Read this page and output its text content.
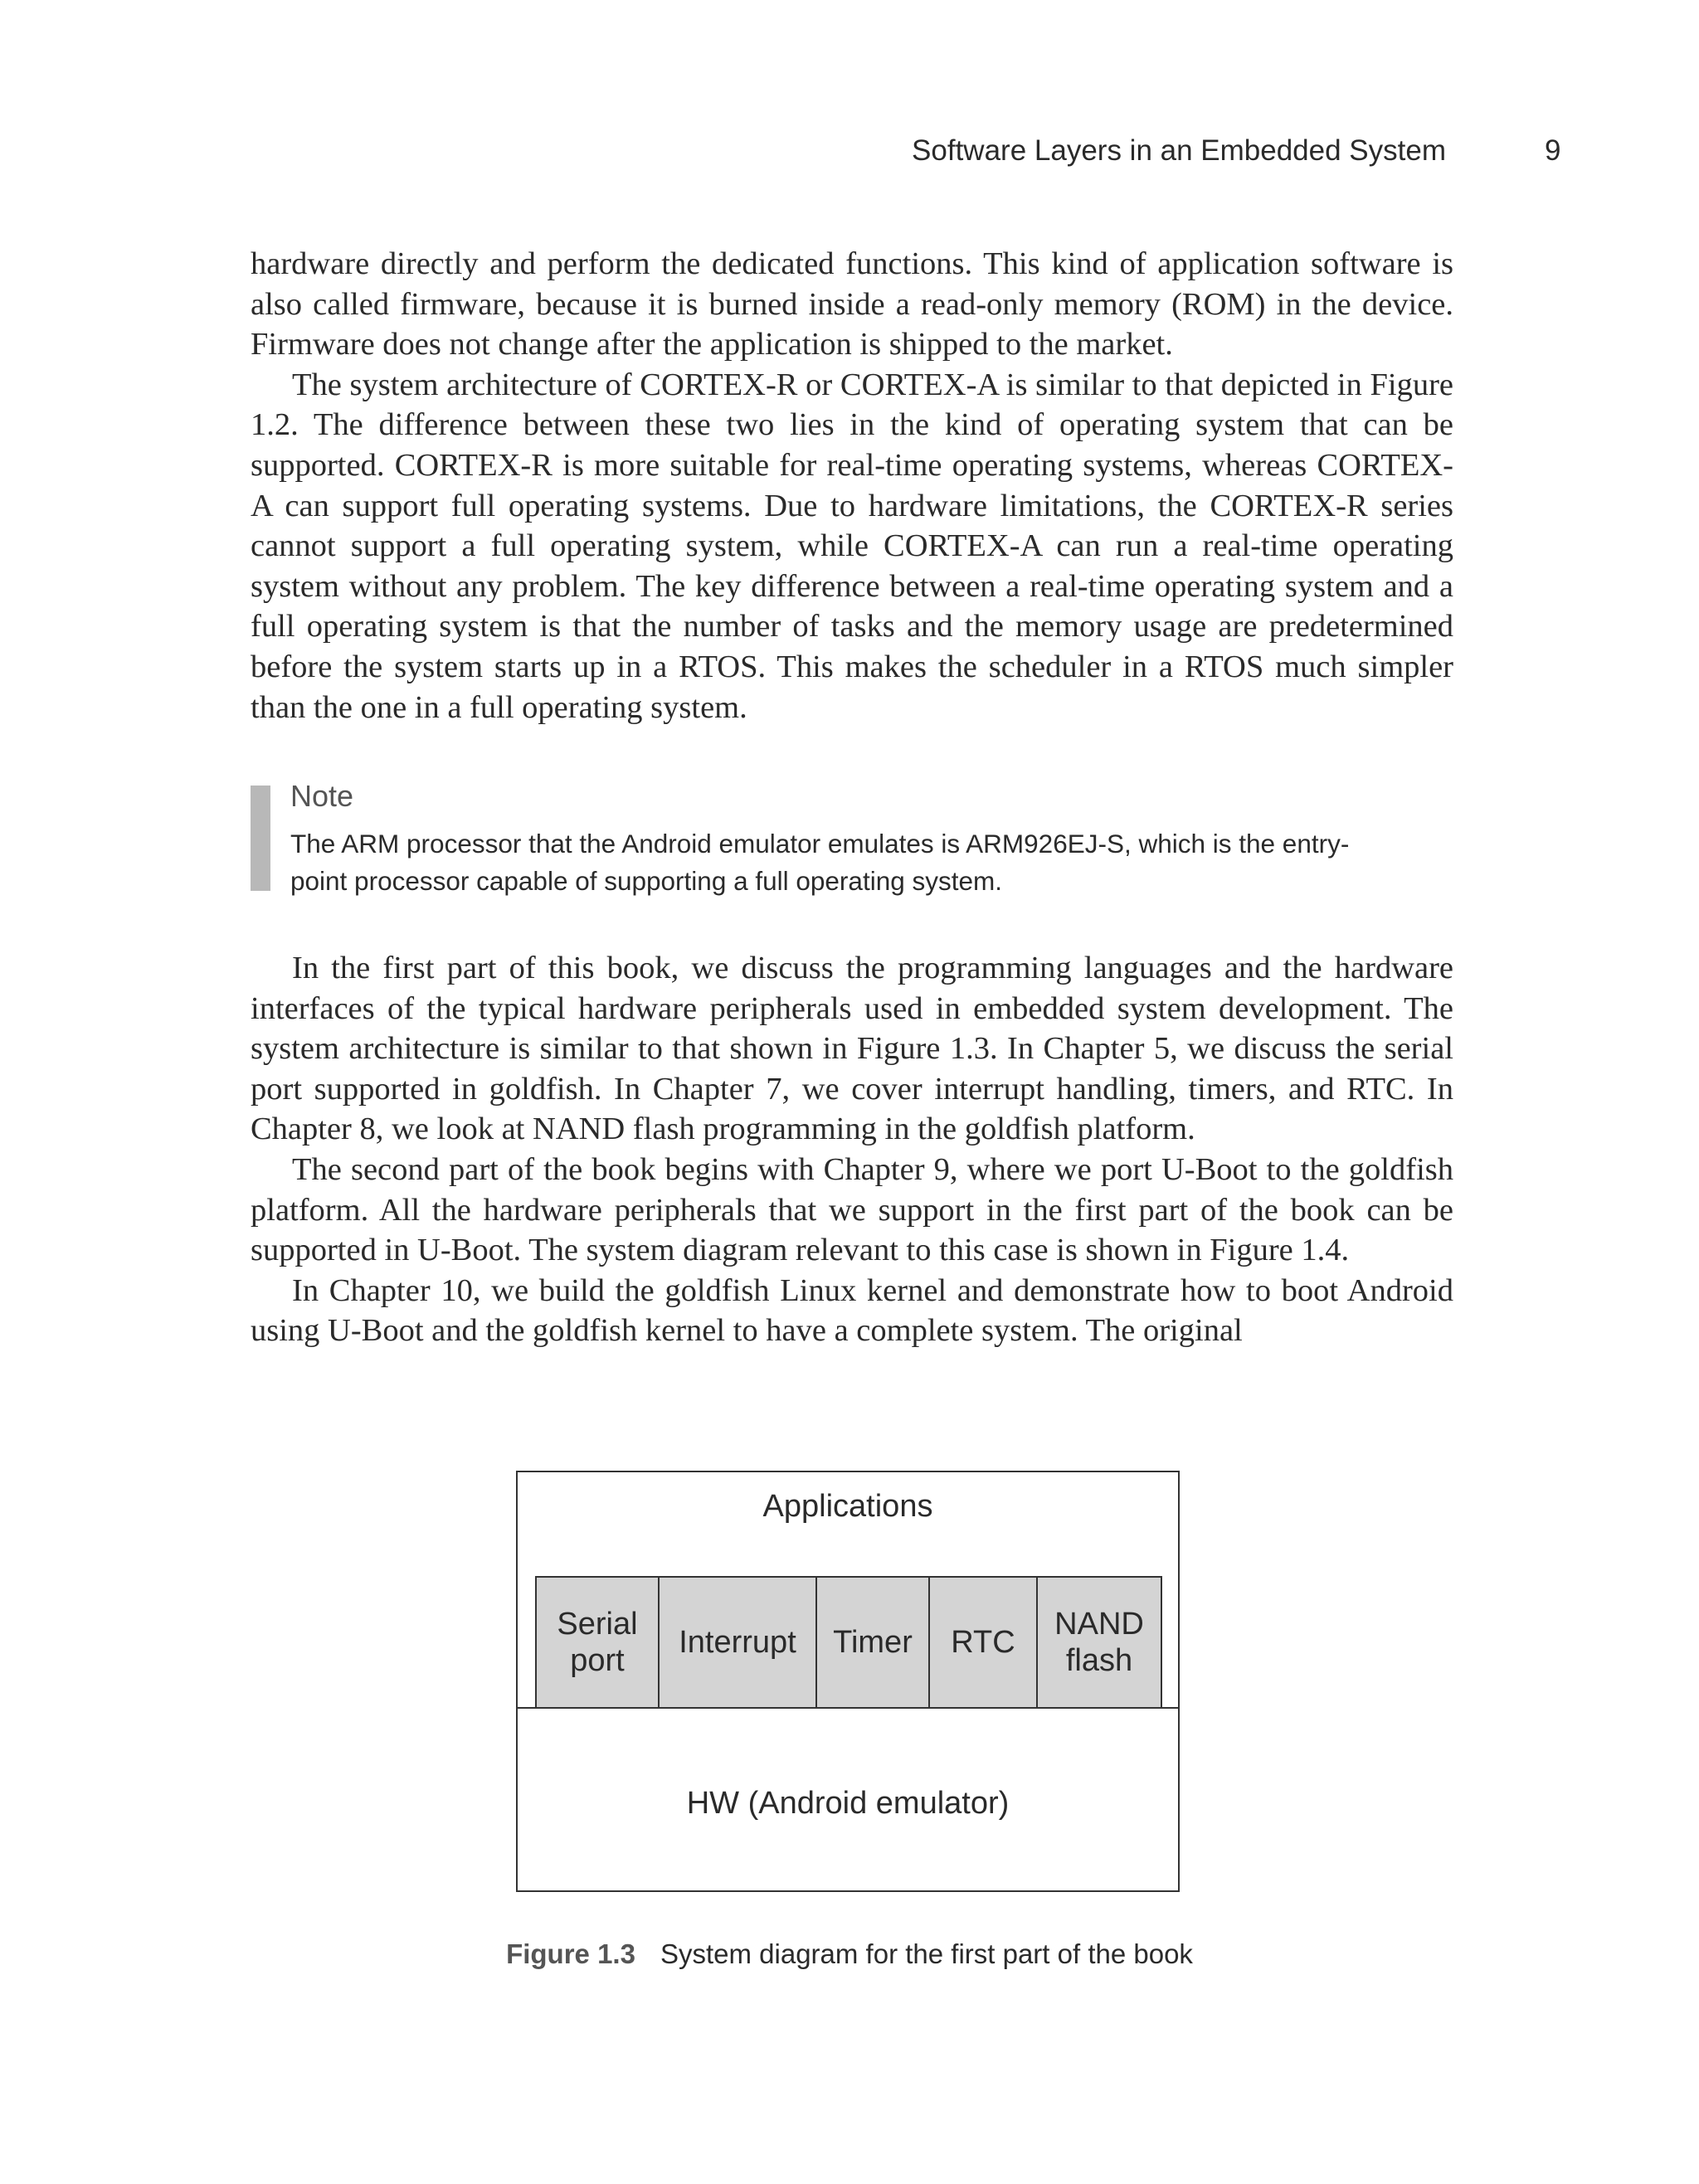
Software Layers in an Embedded System	9

hardware directly and perform the dedicated functions. This kind of application software is also called firmware, because it is burned inside a read-only memory (ROM) in the device. Firmware does not change after the application is shipped to the market.

The system architecture of CORTEX-R or CORTEX-A is similar to that depicted in Figure 1.2. The difference between these two lies in the kind of operating system that can be supported. CORTEX-R is more suitable for real-time operating systems, whereas CORTEX-A can support full operating systems. Due to hardware limitations, the CORTEX-R series cannot support a full operating system, while CORTEX-A can run a real-time operating system without any problem. The key difference between a real-time operating system and a full operating system is that the number of tasks and the memory usage are predetermined before the system starts up in a RTOS. This makes the scheduler in a RTOS much simpler than the one in a full operating system.

Note
The ARM processor that the Android emulator emulates is ARM926EJ-S, which is the entry-point processor capable of supporting a full operating system.

In the first part of this book, we discuss the programming languages and the hardware interfaces of the typical hardware peripherals used in embedded system development. The system architecture is similar to that shown in Figure 1.3. In Chapter 5, we discuss the serial port supported in goldfish. In Chapter 7, we cover interrupt handling, timers, and RTC. In Chapter 8, we look at NAND flash programming in the goldfish platform.

The second part of the book begins with Chapter 9, where we port U-Boot to the goldfish platform. All the hardware peripherals that we support in the first part of the book can be supported in U-Boot. The system diagram relevant to this case is shown in Figure 1.4.

In Chapter 10, we build the goldfish Linux kernel and demonstrate how to boot Android using U-Boot and the goldfish kernel to have a complete system. The original

Applications
Serial
port
Interrupt	Timer	RTC
NAND
flash
HW (Android emulator)
Figure 1.3 System diagram for the first part of the book
